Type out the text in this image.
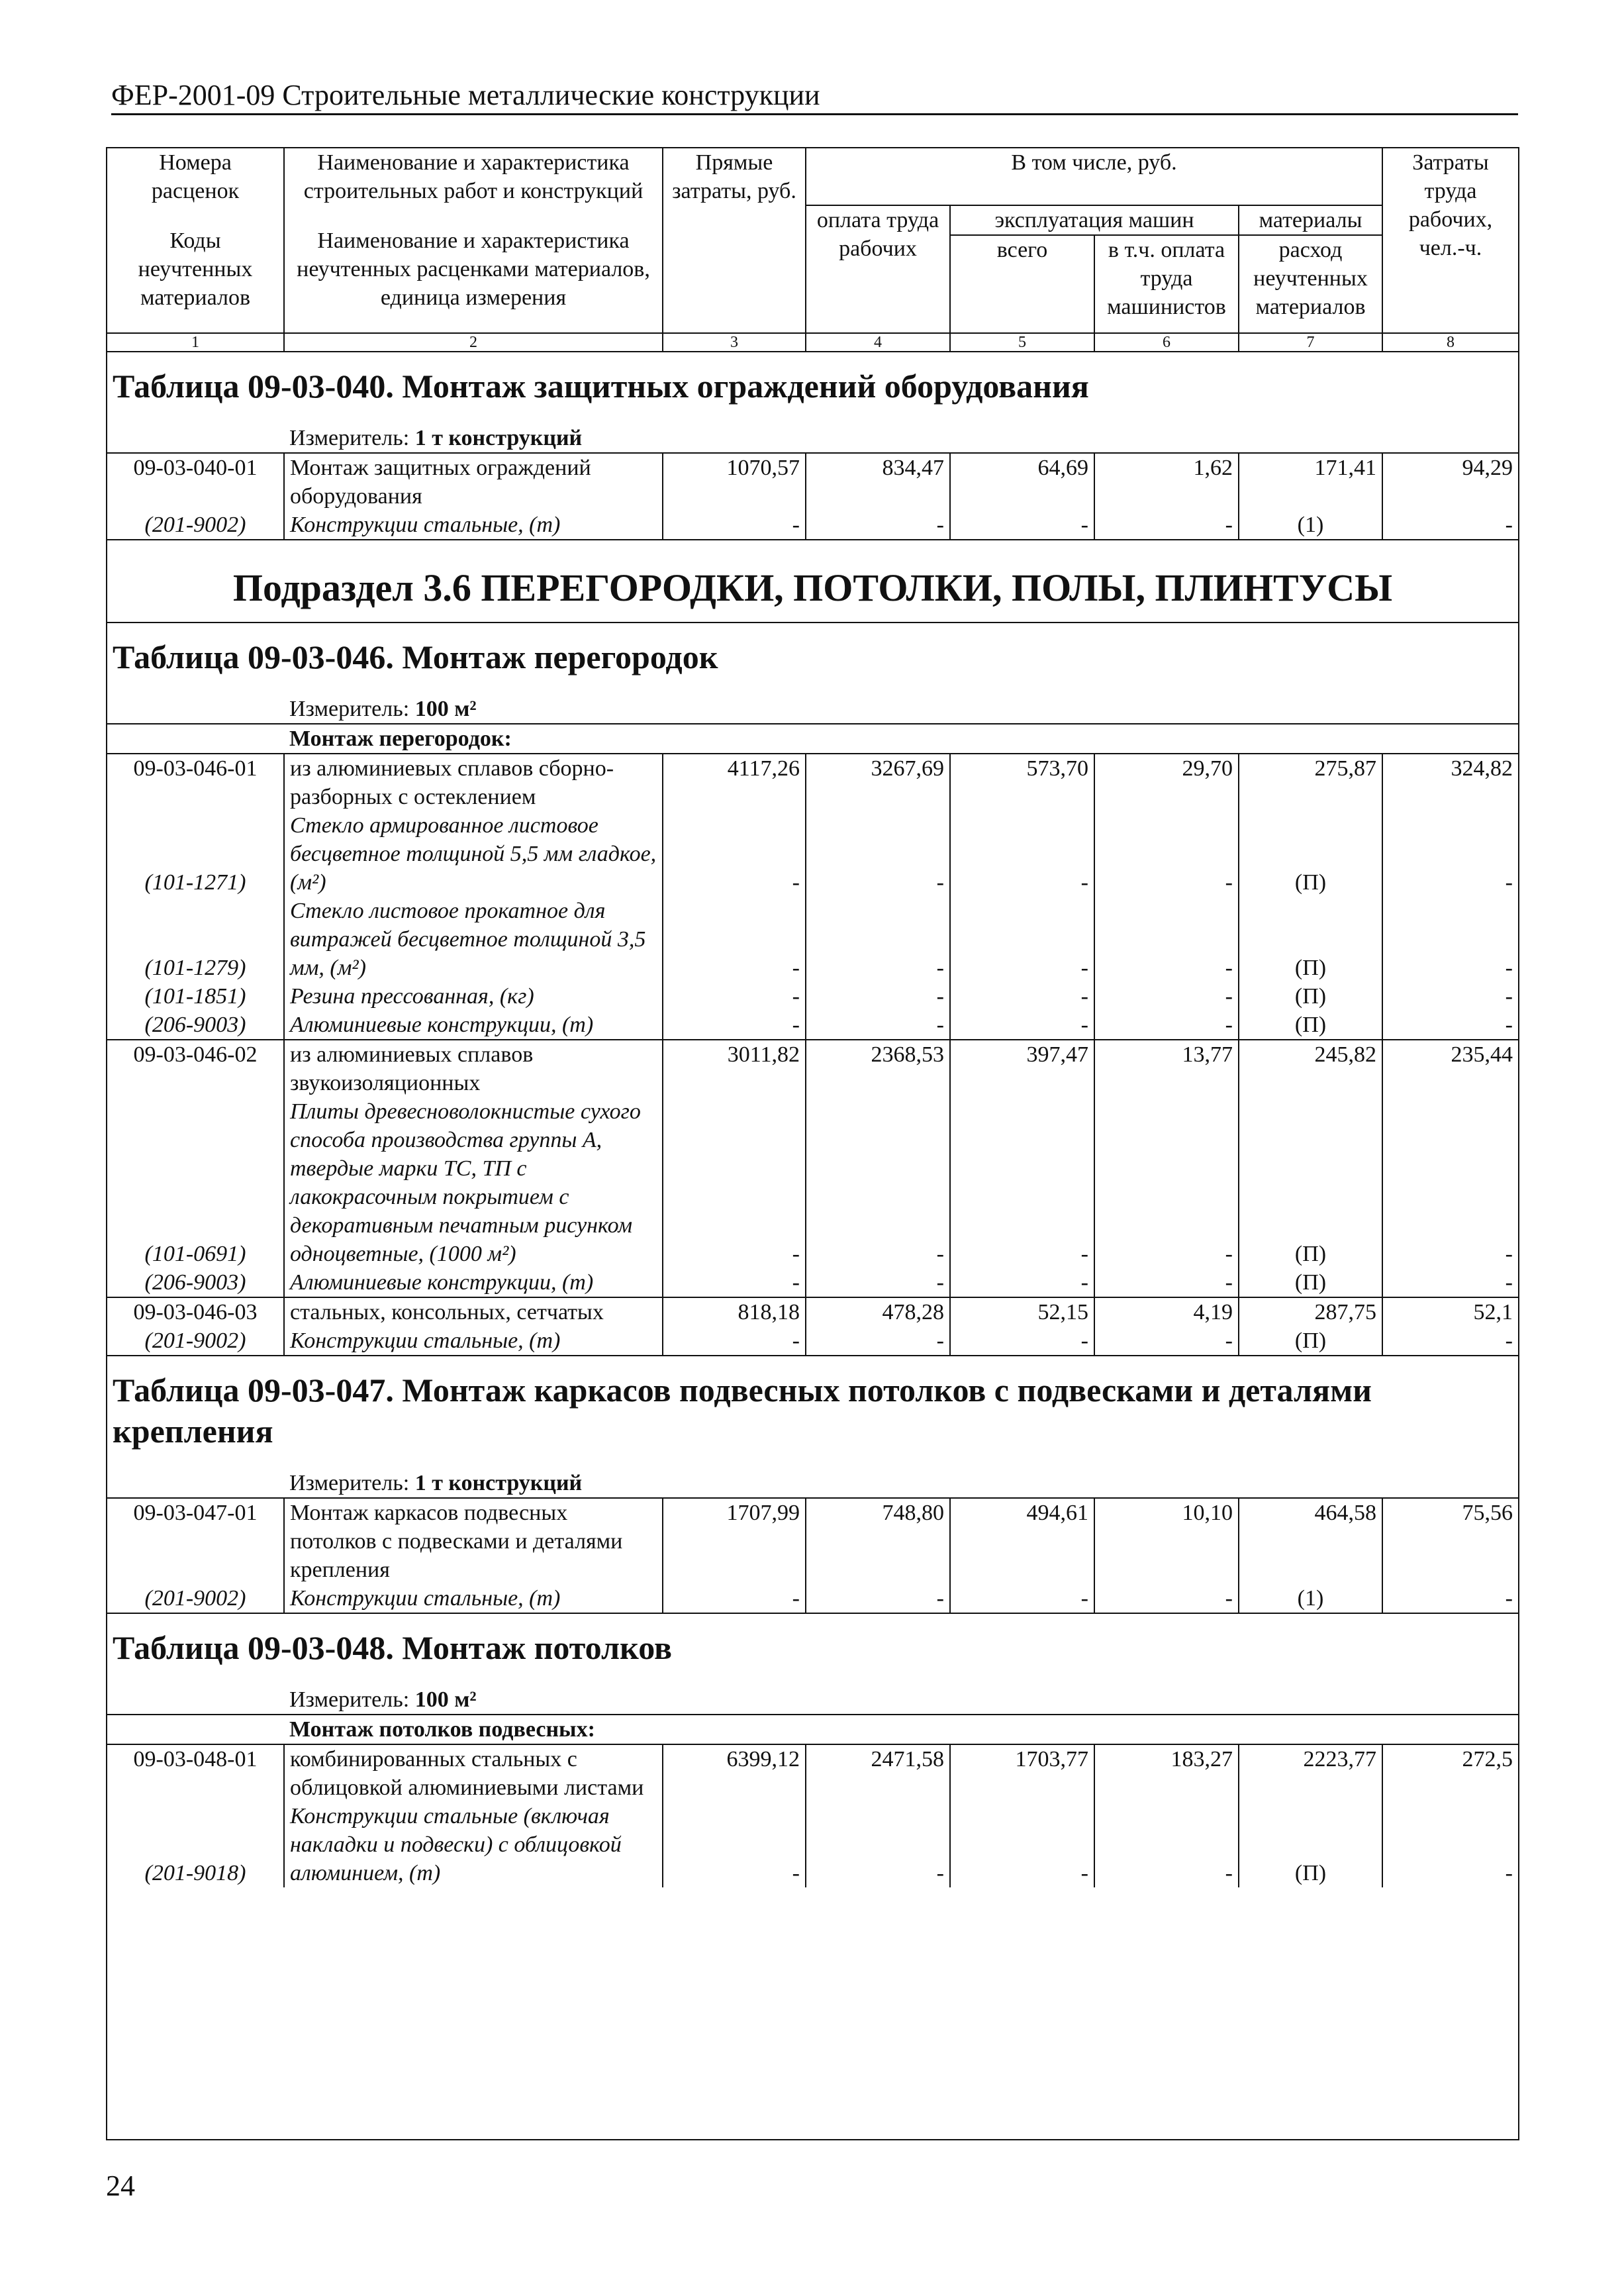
ФЕР-2001-09 Строительные металлические конструкции
Номера расценок	Наименование и характеристика строительных работ и конструкций	Прямые затраты, руб.	В том числе, руб.				Затраты труда рабочих, чел.-ч.
Коды неучтенных материалов	Наименование и характеристика неучтенных расценками материалов, единица измерения		оплата труда рабочих	эксплуатация машин		материалы	
				всего	в т.ч. оплата труда машинистов	расход неучтенных материалов	
1	2	3	4	5	6	7	8
Таблица 09-03-040. Монтаж защитных ограждений оборудования							
	Измеритель: 1 т конструкций						
09-03-040-01	Монтаж защитных ограждений оборудования	1070,57	834,47	64,69	1,62	171,41	94,29
(201-9002)	Конструкции стальные, (т)	-	-	-	-	(1)	-
Подраздел 3.6 ПЕРЕГОРОДКИ, ПОТОЛКИ, ПОЛЫ, ПЛИНТУСЫ							
Таблица 09-03-046. Монтаж перегородок							
	Измеритель: 100 м²						
	Монтаж перегородок:						
09-03-046-01	из алюминиевых сплавов сборно-разборных с остеклением	4117,26	3267,69	573,70	29,70	275,87	324,82
(101-1271)	Стекло армированное листовое бесцветное толщиной 5,5 мм гладкое, (м²)	-	-	-	-	(П)	-
(101-1279)	Стекло листовое прокатное для витражей бесцветное толщиной 3,5 мм, (м²)	-	-	-	-	(П)	-
(101-1851)	Резина прессованная, (кг)	-	-	-	-	(П)	-
(206-9003)	Алюминиевые конструкции, (т)	-	-	-	-	(П)	-
09-03-046-02	из алюминиевых сплавов звукоизоляционных	3011,82	2368,53	397,47	13,77	245,82	235,44
(101-0691)	Плиты древесноволокнистые сухого способа производства группы А, твердые марки ТС, ТП с лакокрасочным покрытием с декоративным печатным рисунком одноцветные, (1000 м²)	-	-	-	-	(П)	-
(206-9003)	Алюминиевые конструкции, (т)	-	-	-	-	(П)	-
09-03-046-03	стальных, консольных, сетчатых	818,18	478,28	52,15	4,19	287,75	52,1
(201-9002)	Конструкции стальные, (т)	-	-	-	-	(П)	-
Таблица 09-03-047. Монтаж каркасов подвесных потолков с подвесками и деталями крепления							
	Измеритель: 1 т конструкций						
09-03-047-01	Монтаж каркасов подвесных потолков с подвесками и деталями крепления	1707,99	748,80	494,61	10,10	464,58	75,56
(201-9002)	Конструкции стальные, (т)	-	-	-	-	(1)	-
Таблица 09-03-048. Монтаж потолков							
	Измеритель: 100 м²						
	Монтаж потолков подвесных:						
09-03-048-01	комбинированных стальных с облицовкой алюминиевыми листами	6399,12	2471,58	1703,77	183,27	2223,77	272,5
(201-9018)	Конструкции стальные (включая накладки и подвески) с облицовкой алюминием, (т)	-	-	-	-	(П)	-

24
